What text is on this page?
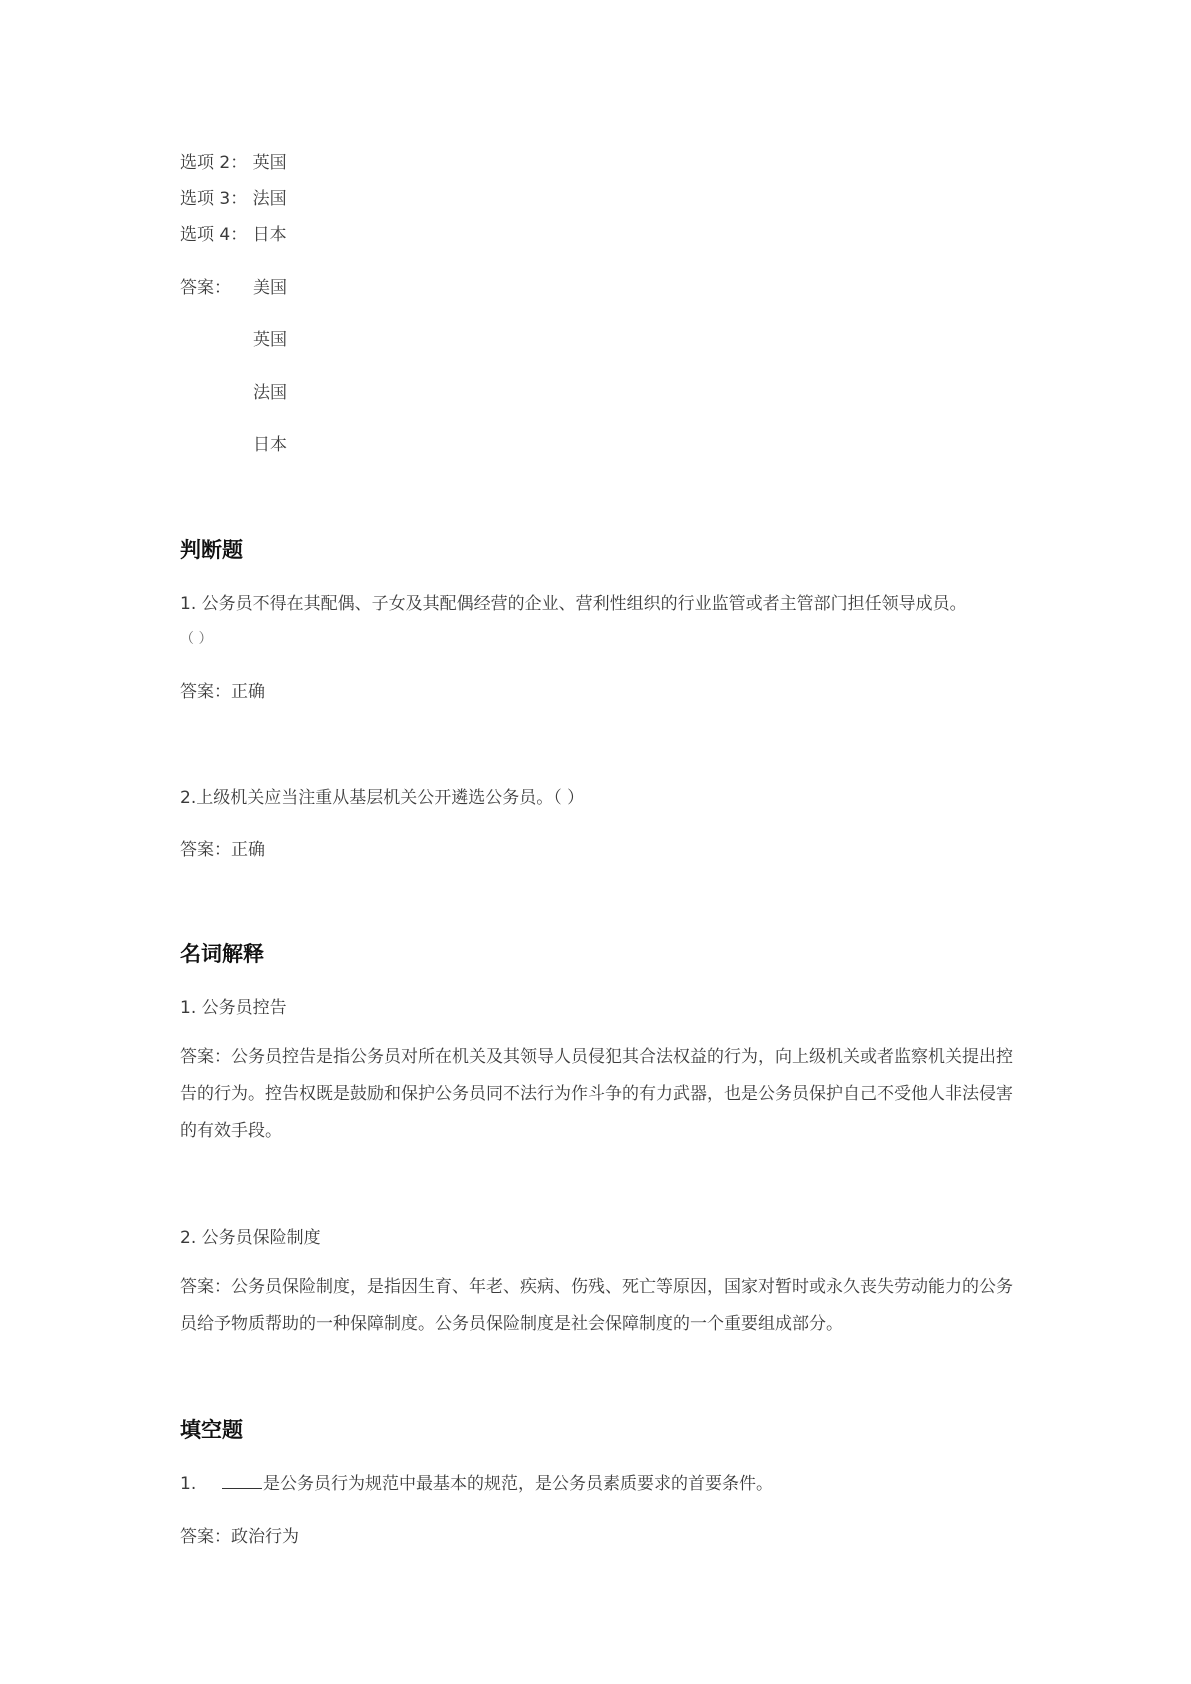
选项 2： 英国
选项 3： 法国
选项 4： 日本
答案： 美国
英国
法国
日本
判断题
1. 公务员不得在其配偶、子女及其配偶经营的企业、营利性组织的行业监管或者主管部门担任领导成员。
（ ）
答案：正确
2.上级机关应当注重从基层机关公开遴选公务员。（ ）
答案：正确
名词解释
1. 公务员控告
答案：公务员控告是指公务员对所在机关及其领导人员侵犯其合法权益的行为，向上级机关或者监察机关提出控告的行为。控告权既是鼓励和保护公务员同不法行为作斗争的有力武器，也是公务员保护自己不受他人非法侵害的有效手段。
2. 公务员保险制度
答案：公务员保险制度，是指因生育、年老、疾病、伤残、死亡等原因，国家对暂时或永久丧失劳动能力的公务员给予物质帮助的一种保障制度。公务员保险制度是社会保障制度的一个重要组成部分。
填空题
1.	是公务员行为规范中最基本的规范，是公务员素质要求的首要条件。
答案：政治行为
